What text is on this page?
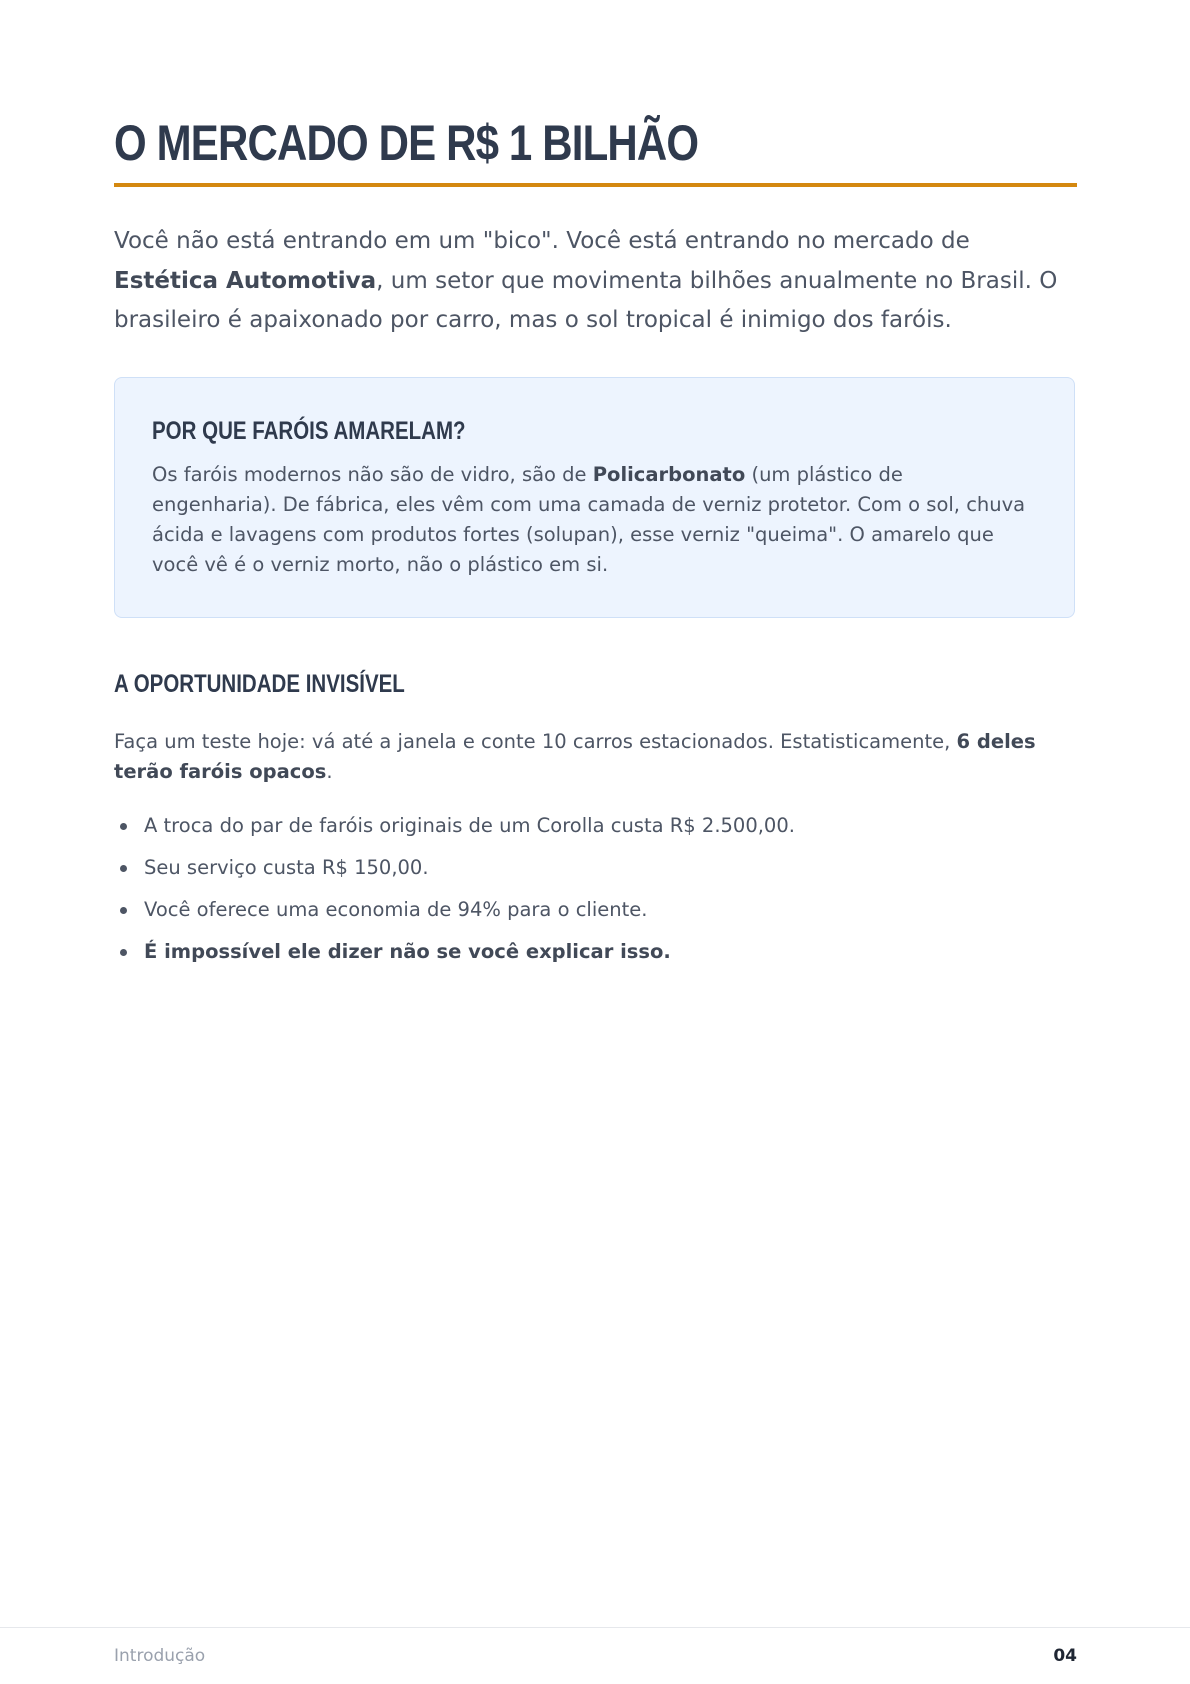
O MERCADO DE R$ 1 BILHÃO

Você não está entrando em um "bico". Você está entrando no mercado de Estética Automotiva, um setor que movimenta bilhões anualmente no Brasil. O brasileiro é apaixonado por carro, mas o sol tropical é inimigo dos faróis.

POR QUE FARÓIS AMARELAM?

Os faróis modernos não são de vidro, são de Policarbonato (um plástico de engenharia). De fábrica, eles vêm com uma camada de verniz protetor. Com o sol, chuva ácida e lavagens com produtos fortes (solupan), esse verniz "queima". O amarelo que você vê é o verniz morto, não o plástico em si.

A OPORTUNIDADE INVISÍVEL

Faça um teste hoje: vá até a janela e conte 10 carros estacionados. Estatisticamente, 6 deles terão faróis opacos.

A troca do par de faróis originais de um Corolla custa R$ 2.500,00.
Seu serviço custa R$ 150,00.
Você oferece uma economia de 94% para o cliente.
É impossível ele dizer não se você explicar isso.
Introdução	04
